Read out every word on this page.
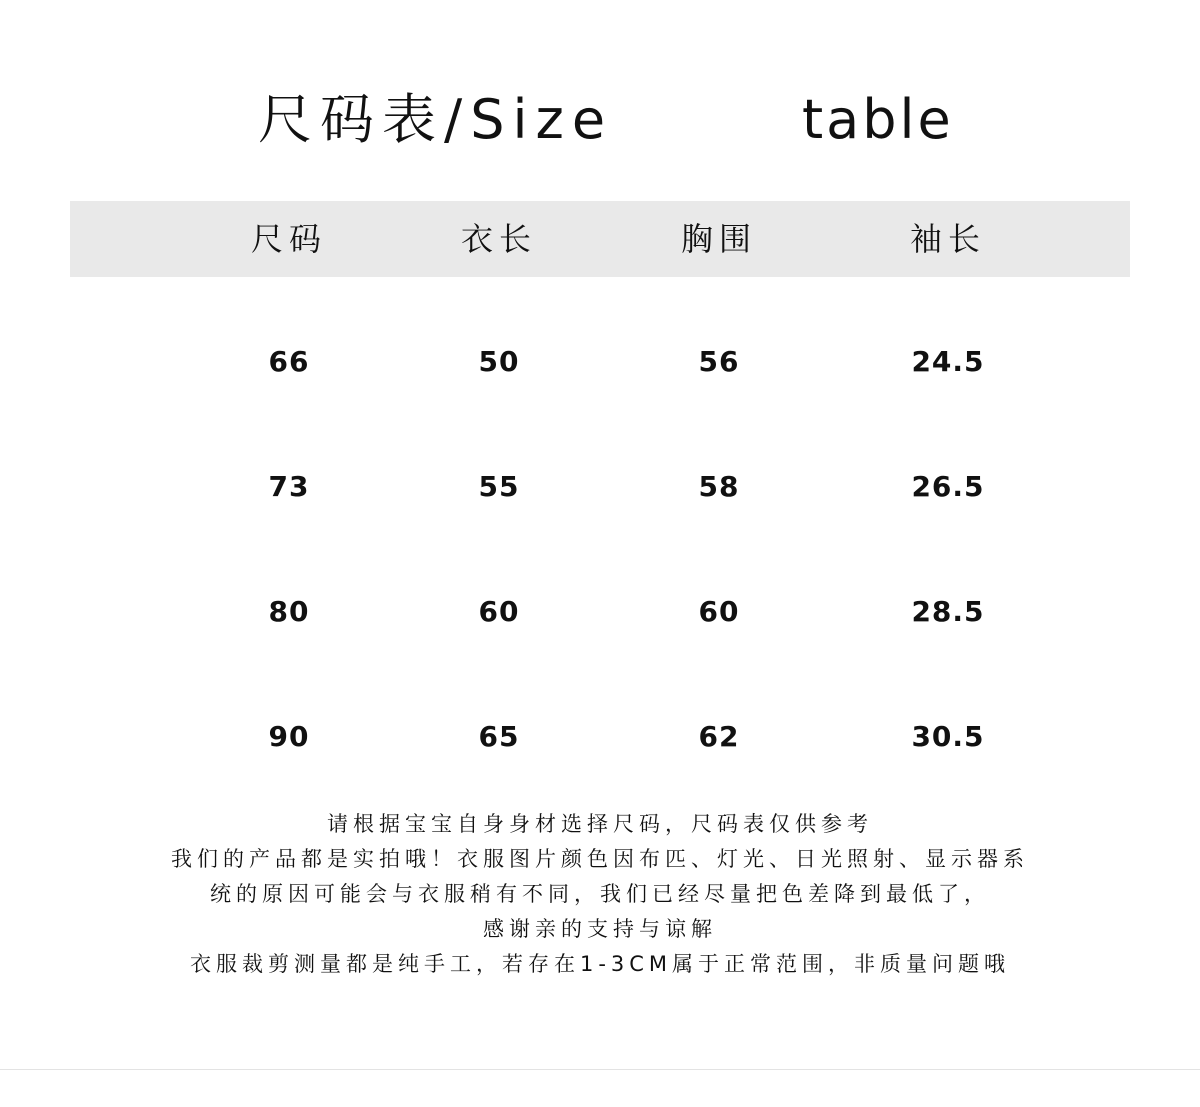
尺码表/Size	table
尺码	衣长	胸围	袖长
66	50	56	24.5
73	55	58	26.5
80	60	60	28.5
90	65	62	30.5
请根据宝宝自身身材选择尺码，尺码表仅供参考
我们的产品都是实拍哦！衣服图片颜色因布匹、灯光、日光照射、显示器系
统的原因可能会与衣服稍有不同，我们已经尽量把色差降到最低了，
感谢亲的支持与谅解
衣服裁剪测量都是纯手工，若存在1-3CM属于正常范围，非质量问题哦
